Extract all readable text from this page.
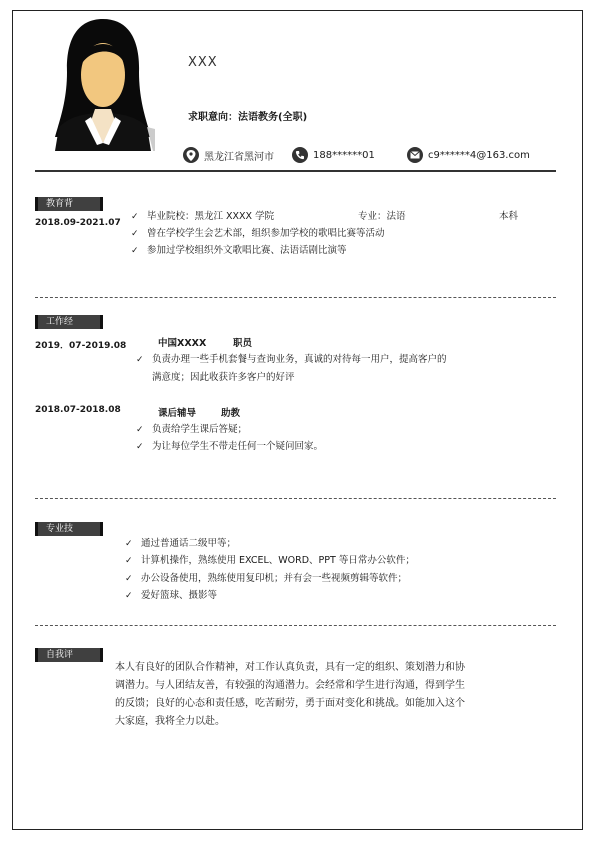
XXX
求职意向：法语教务(全职)
黑龙江省黑河市	188******01	c9******4@163.com
教育背
2018.09-2021.07
✓ 毕业院校：黑龙江 XXXX 学院	专业：法语	本科
✓ 曾在学校学生会艺术部，组织参加学校的歌唱比赛等活动
✓ 参加过学校组织外文歌唱比赛、法语话剧比演等
工作经
2019．07-2019.08	中国XXXX	职员
✓ 负责办理一些手机套餐与查询业务，真诚的对待每一用户，提高客户的
满意度；因此收获许多客户的好评
2018.07-2018.08	课后辅导	助教
✓ 负责给学生课后答疑；
✓ 为让每位学生不带走任何一个疑问回家。
专业技
✓ 通过普通话二级甲等；
✓ 计算机操作，熟练使用 EXCEL、WORD、PPT 等日常办公软件；
✓ 办公设备使用，熟练使用复印机；并有会一些视频剪辑等软件；
✓ 爱好篮球、摄影等
自我评
本人有良好的团队合作精神，对工作认真负责，具有一定的组织、策划潜力和协
调潜力。与人团结友善，有较强的沟通潜力。会经常和学生进行沟通，得到学生
的反馈；良好的心态和责任感，吃苦耐劳，勇于面对变化和挑战。如能加入这个
大家庭，我将全力以赴。
